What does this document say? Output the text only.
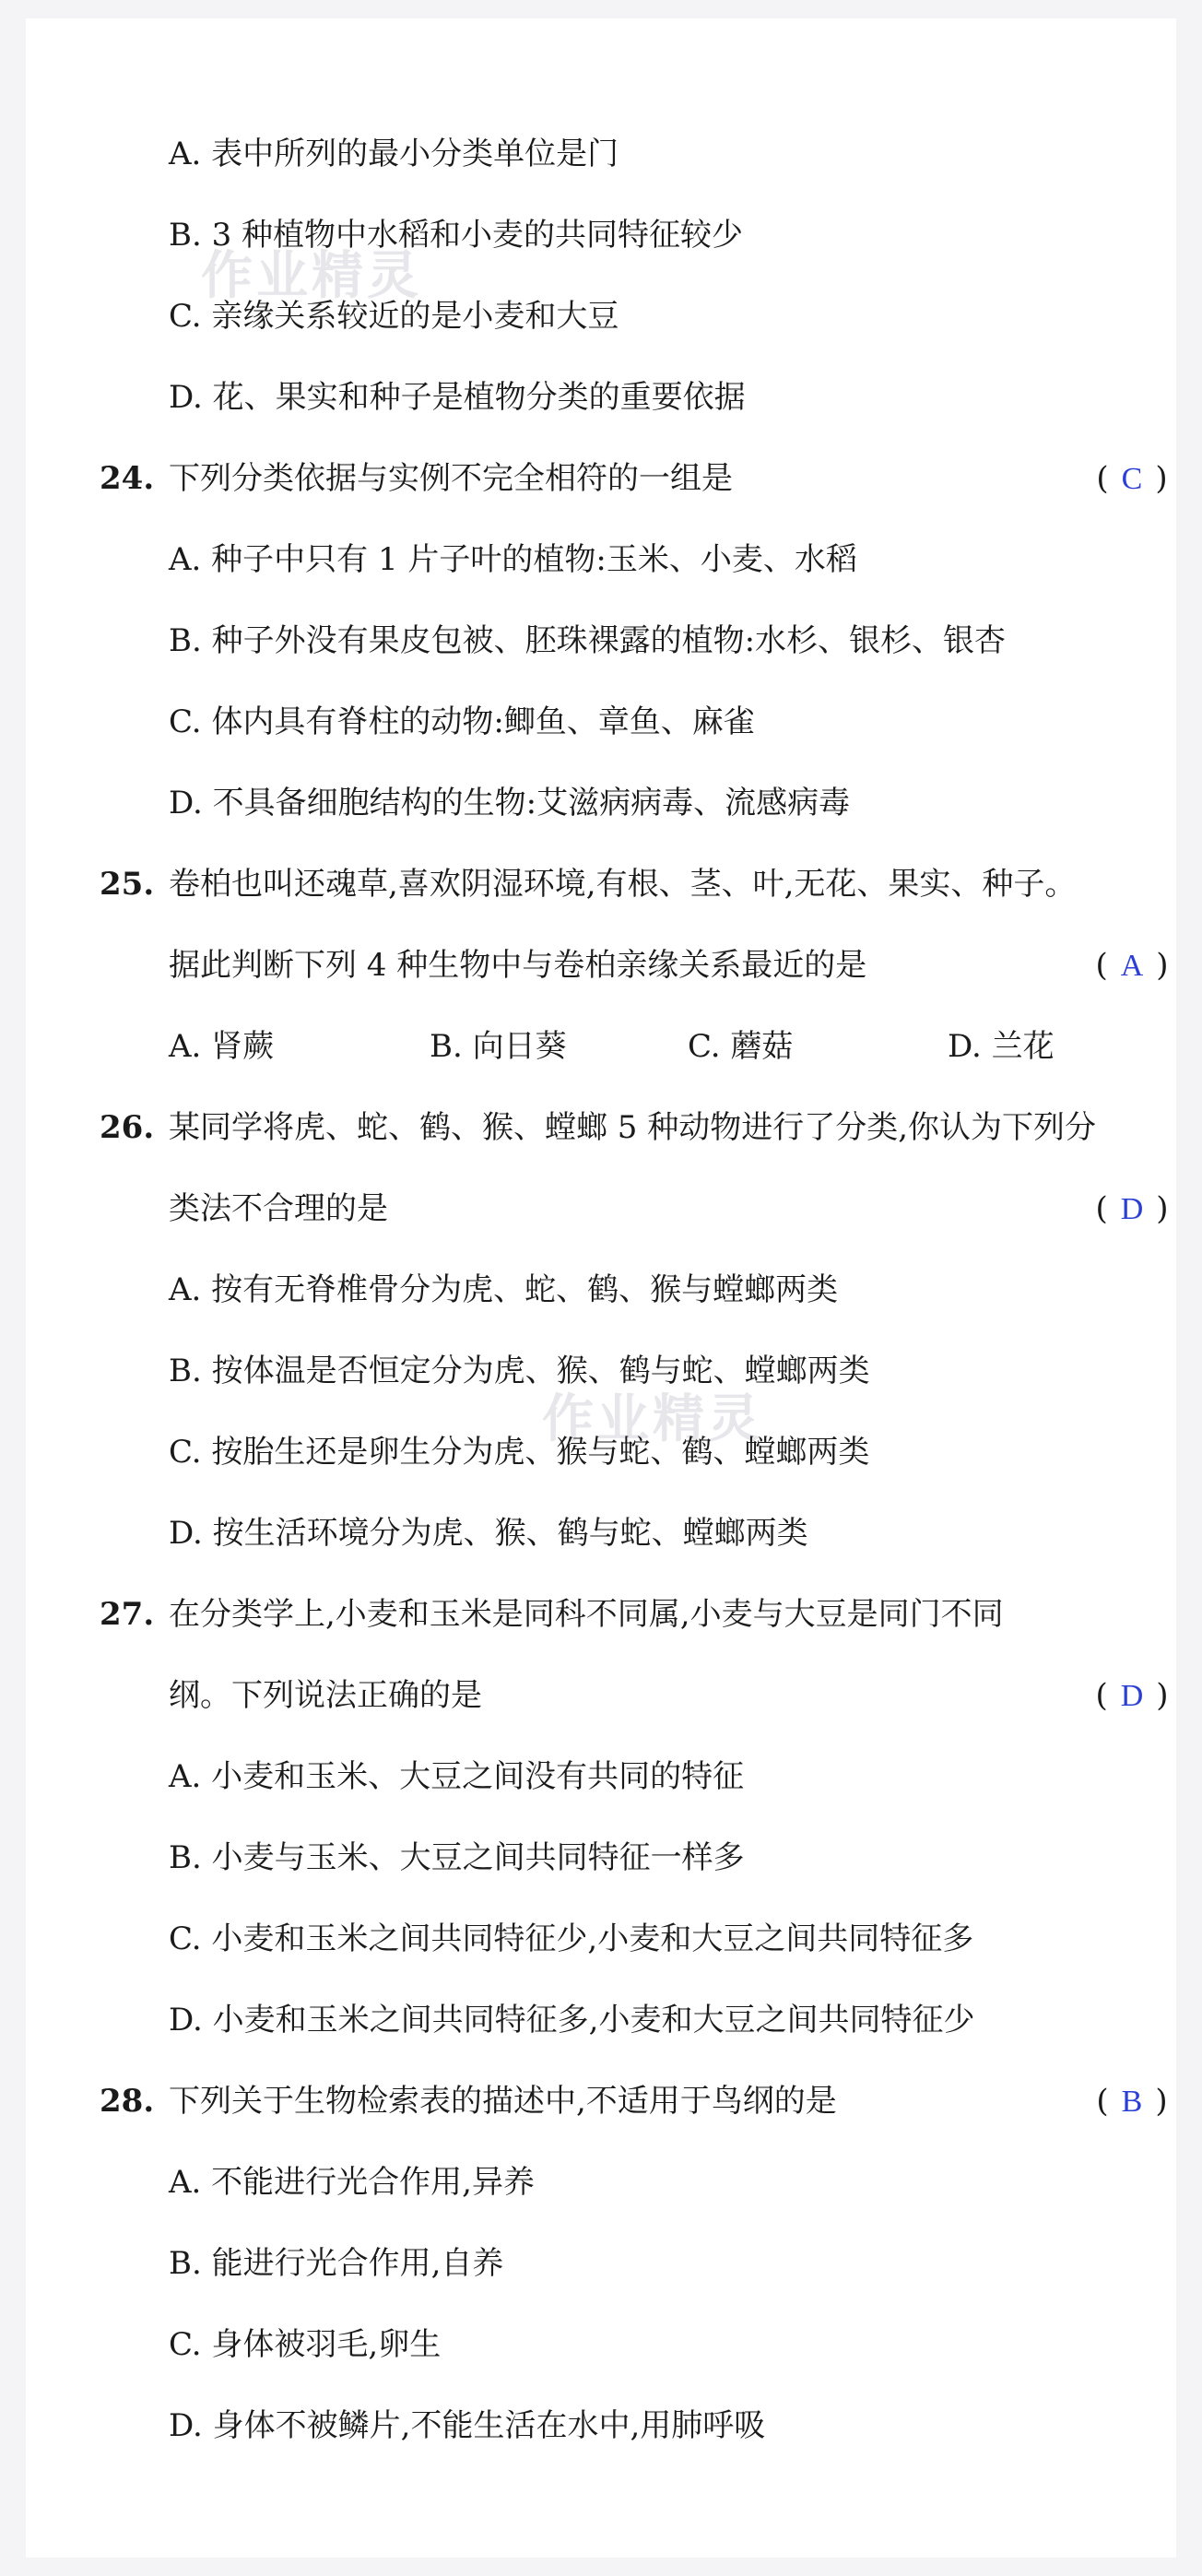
作业精灵
作业精灵
A. 表中所列的最小分类单位是门
B. 3 种植物中水稻和小麦的共同特征较少
C. 亲缘关系较近的是小麦和大豆
D. 花、果实和种子是植物分类的重要依据
24. 下列分类依据与实例不完全相符的一组是	( C )
A. 种子中只有 1 片子叶的植物:玉米、小麦、水稻
B. 种子外没有果皮包被、胚珠裸露的植物:水杉、银杉、银杏
C. 体内具有脊柱的动物:鲫鱼、章鱼、麻雀
D. 不具备细胞结构的生物:艾滋病病毒、流感病毒
25. 卷柏也叫还魂草,喜欢阴湿环境,有根、茎、叶,无花、果实、种子。
据此判断下列 4 种生物中与卷柏亲缘关系最近的是	( A )
A. 肾蕨	B. 向日葵	C. 蘑菇	D. 兰花
26. 某同学将虎、蛇、鹤、猴、螳螂 5 种动物进行了分类,你认为下列分
类法不合理的是	( D )
A. 按有无脊椎骨分为虎、蛇、鹤、猴与螳螂两类
B. 按体温是否恒定分为虎、猴、鹤与蛇、螳螂两类
C. 按胎生还是卵生分为虎、猴与蛇、鹤、螳螂两类
D. 按生活环境分为虎、猴、鹤与蛇、螳螂两类
27. 在分类学上,小麦和玉米是同科不同属,小麦与大豆是同门不同
纲。下列说法正确的是	( D )
A. 小麦和玉米、大豆之间没有共同的特征
B. 小麦与玉米、大豆之间共同特征一样多
C. 小麦和玉米之间共同特征少,小麦和大豆之间共同特征多
D. 小麦和玉米之间共同特征多,小麦和大豆之间共同特征少
28. 下列关于生物检索表的描述中,不适用于鸟纲的是	( B )
A. 不能进行光合作用,异养
B. 能进行光合作用,自养
C. 身体被羽毛,卵生
D. 身体不被鳞片,不能生活在水中,用肺呼吸
